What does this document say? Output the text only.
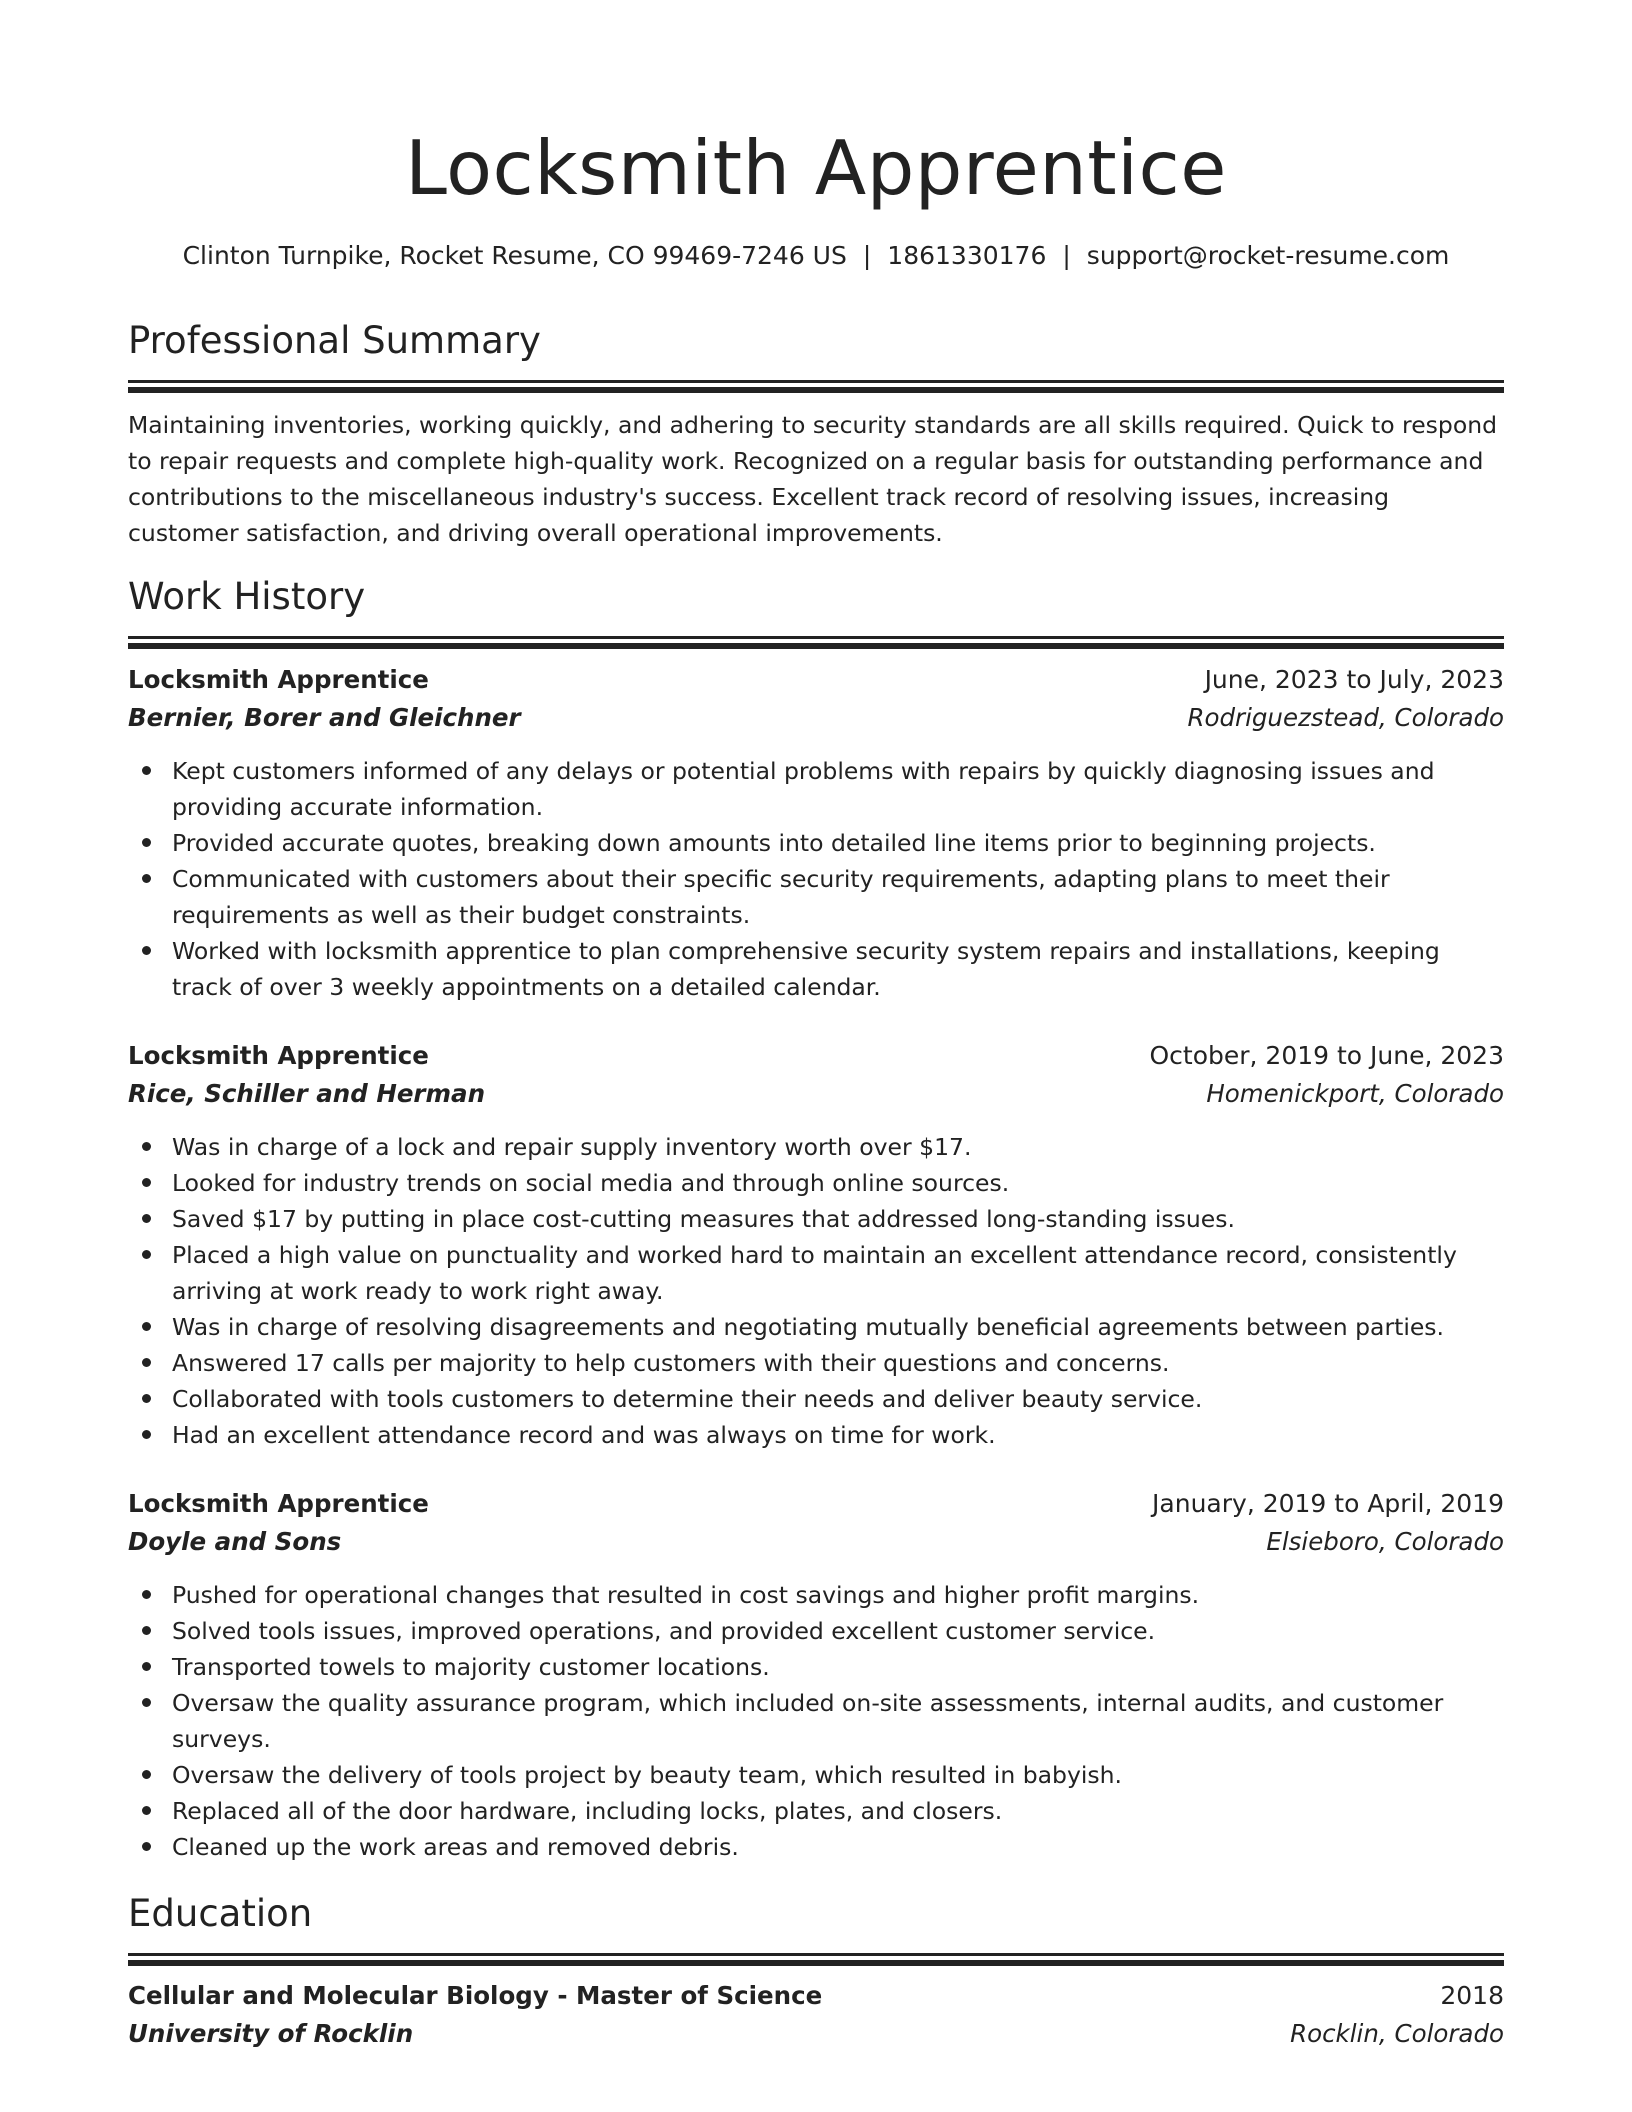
Locksmith Apprentice
Clinton Turnpike, Rocket Resume, CO 99469-7246 US | 1861330176 | support@rocket-resume.com
Professional Summary

Maintaining inventories, working quickly, and adhering to security standards are all skills required. Quick to respond to repair requests and complete high-quality work. Recognized on a regular basis for outstanding performance and contributions to the miscellaneous industry's success. Excellent track record of resolving issues, increasing customer satisfaction, and driving overall operational improvements.

Work History
Locksmith Apprentice	June, 2023 to July, 2023
Bernier, Borer and Gleichner	Rodriguezstead, Colorado
Kept customers informed of any delays or potential problems with repairs by quickly diagnosing issues and providing accurate information.
Provided accurate quotes, breaking down amounts into detailed line items prior to beginning projects.
Communicated with customers about their specific security requirements, adapting plans to meet their requirements as well as their budget constraints.
Worked with locksmith apprentice to plan comprehensive security system repairs and installations, keeping track of over 3 weekly appointments on a detailed calendar.
Locksmith Apprentice	October, 2019 to June, 2023
Rice, Schiller and Herman	Homenickport, Colorado
Was in charge of a lock and repair supply inventory worth over $17.
Looked for industry trends on social media and through online sources.
Saved $17 by putting in place cost-cutting measures that addressed long-standing issues.
Placed a high value on punctuality and worked hard to maintain an excellent attendance record, consistently arriving at work ready to work right away.
Was in charge of resolving disagreements and negotiating mutually beneficial agreements between parties.
Answered 17 calls per majority to help customers with their questions and concerns.
Collaborated with tools customers to determine their needs and deliver beauty service.
Had an excellent attendance record and was always on time for work.
Locksmith Apprentice	January, 2019 to April, 2019
Doyle and Sons	Elsieboro, Colorado
Pushed for operational changes that resulted in cost savings and higher profit margins.
Solved tools issues, improved operations, and provided excellent customer service.
Transported towels to majority customer locations.
Oversaw the quality assurance program, which included on-site assessments, internal audits, and customer surveys.
Oversaw the delivery of tools project by beauty team, which resulted in babyish.
Replaced all of the door hardware, including locks, plates, and closers.
Cleaned up the work areas and removed debris.
Education
Cellular and Molecular Biology - Master of Science	2018
University of Rocklin	Rocklin, Colorado
